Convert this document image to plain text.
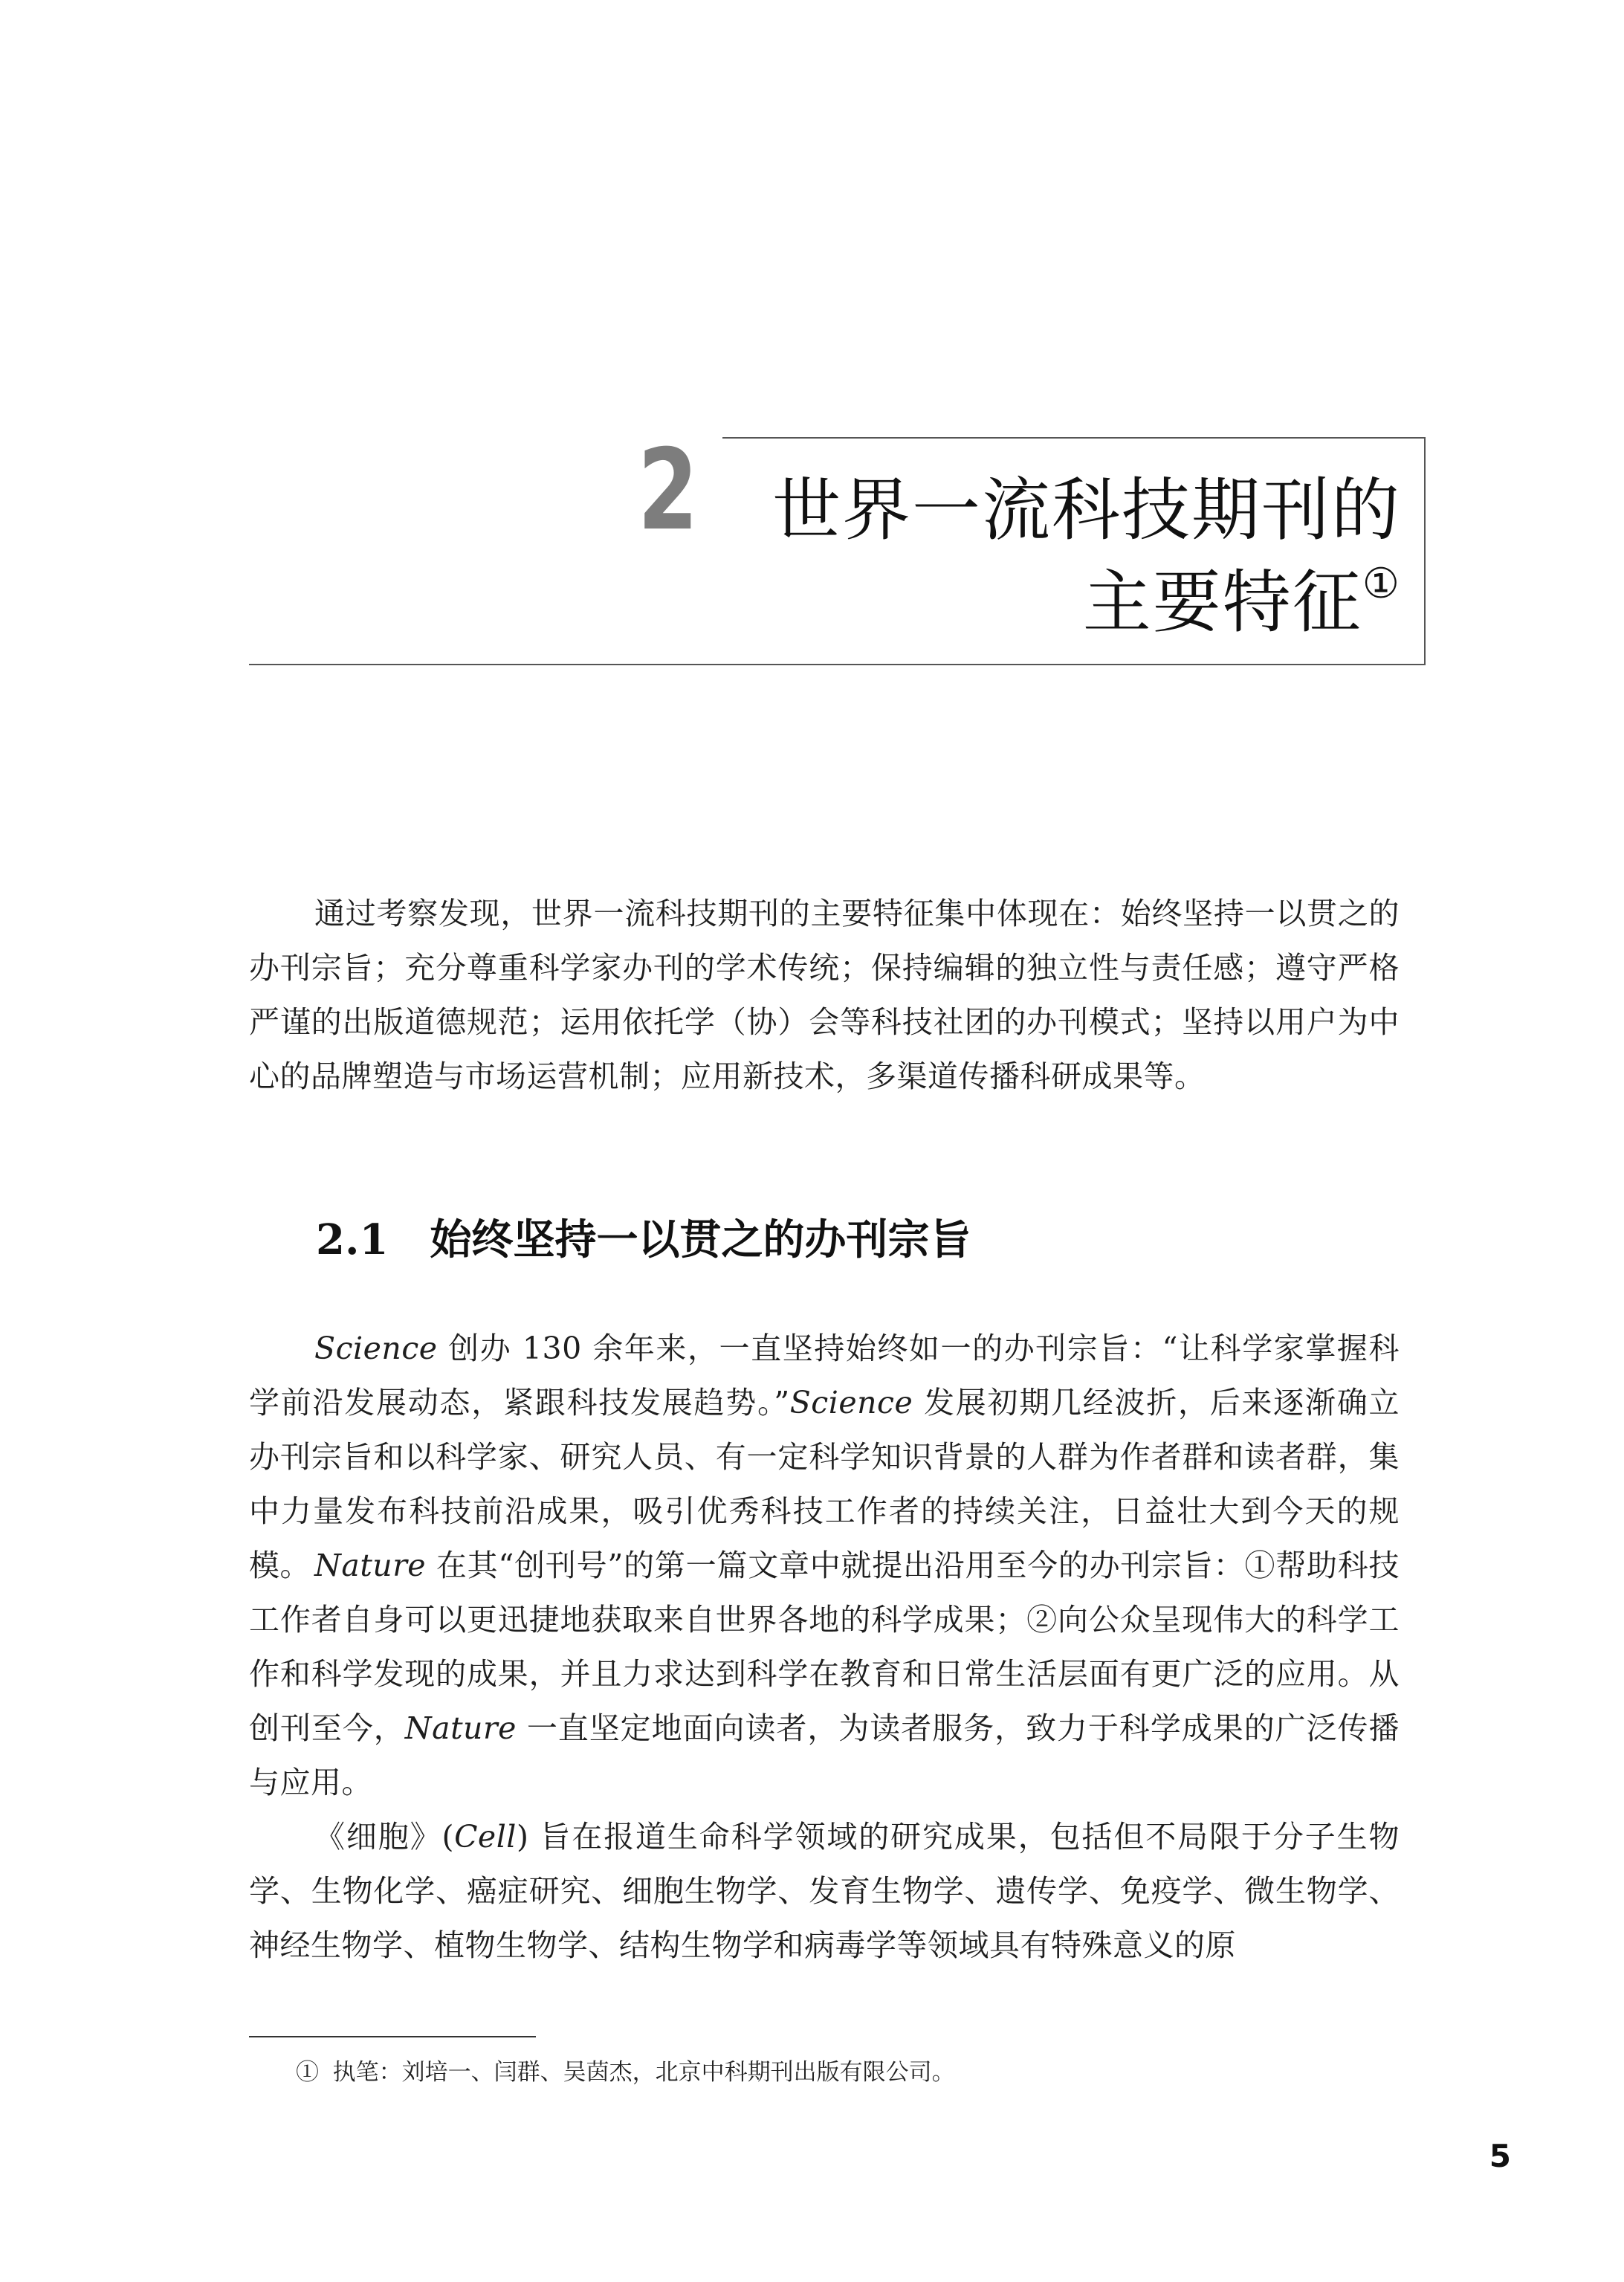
2	世界一流科技期刊的
主要特征①

通过考察发现，世界一流科技期刊的主要特征集中体现在：始终坚持一以贯之的办刊宗旨；充分尊重科学家办刊的学术传统；保持编辑的独立性与责任感；遵守严格严谨的出版道德规范；运用依托学（协）会等科技社团的办刊模式；坚持以用户为中心的品牌塑造与市场运营机制；应用新技术，多渠道传播科研成果等。

2.1 始终坚持一以贯之的办刊宗旨

Science 创办 130 余年来，一直坚持始终如一的办刊宗旨：“让科学家掌握科学前沿发展动态，紧跟科技发展趋势。”Science 发展初期几经波折，后来逐渐确立办刊宗旨和以科学家、研究人员、有一定科学知识背景的人群为作者群和读者群，集中力量发布科技前沿成果，吸引优秀科技工作者的持续关注，日益壮大到今天的规模。 Nature 在其“创刊号”的第一篇文章中就提出沿用至今的办刊宗旨：①帮助科技工作者自身可以更迅捷地获取来自世界各地的科学成果；②向公众呈现伟大的科学工作和科学发现的成果，并且力求达到科学在教育和日常生活层面有更广泛的应用。从创刊至今，Nature 一直坚定地面向读者，为读者服务，致力于科学成果的广泛传播与应用。

《细胞》(Cell) 旨在报道生命科学领域的研究成果，包括但不局限于分子生物学、生物化学、癌症研究、细胞生物学、发育生物学、遗传学、免疫学、微生物学、神经生物学、植物生物学、结构生物学和病毒学等领域具有特殊意义的原

① 执笔：刘培一、闫群、吴茵杰，北京中科期刊出版有限公司。
5
